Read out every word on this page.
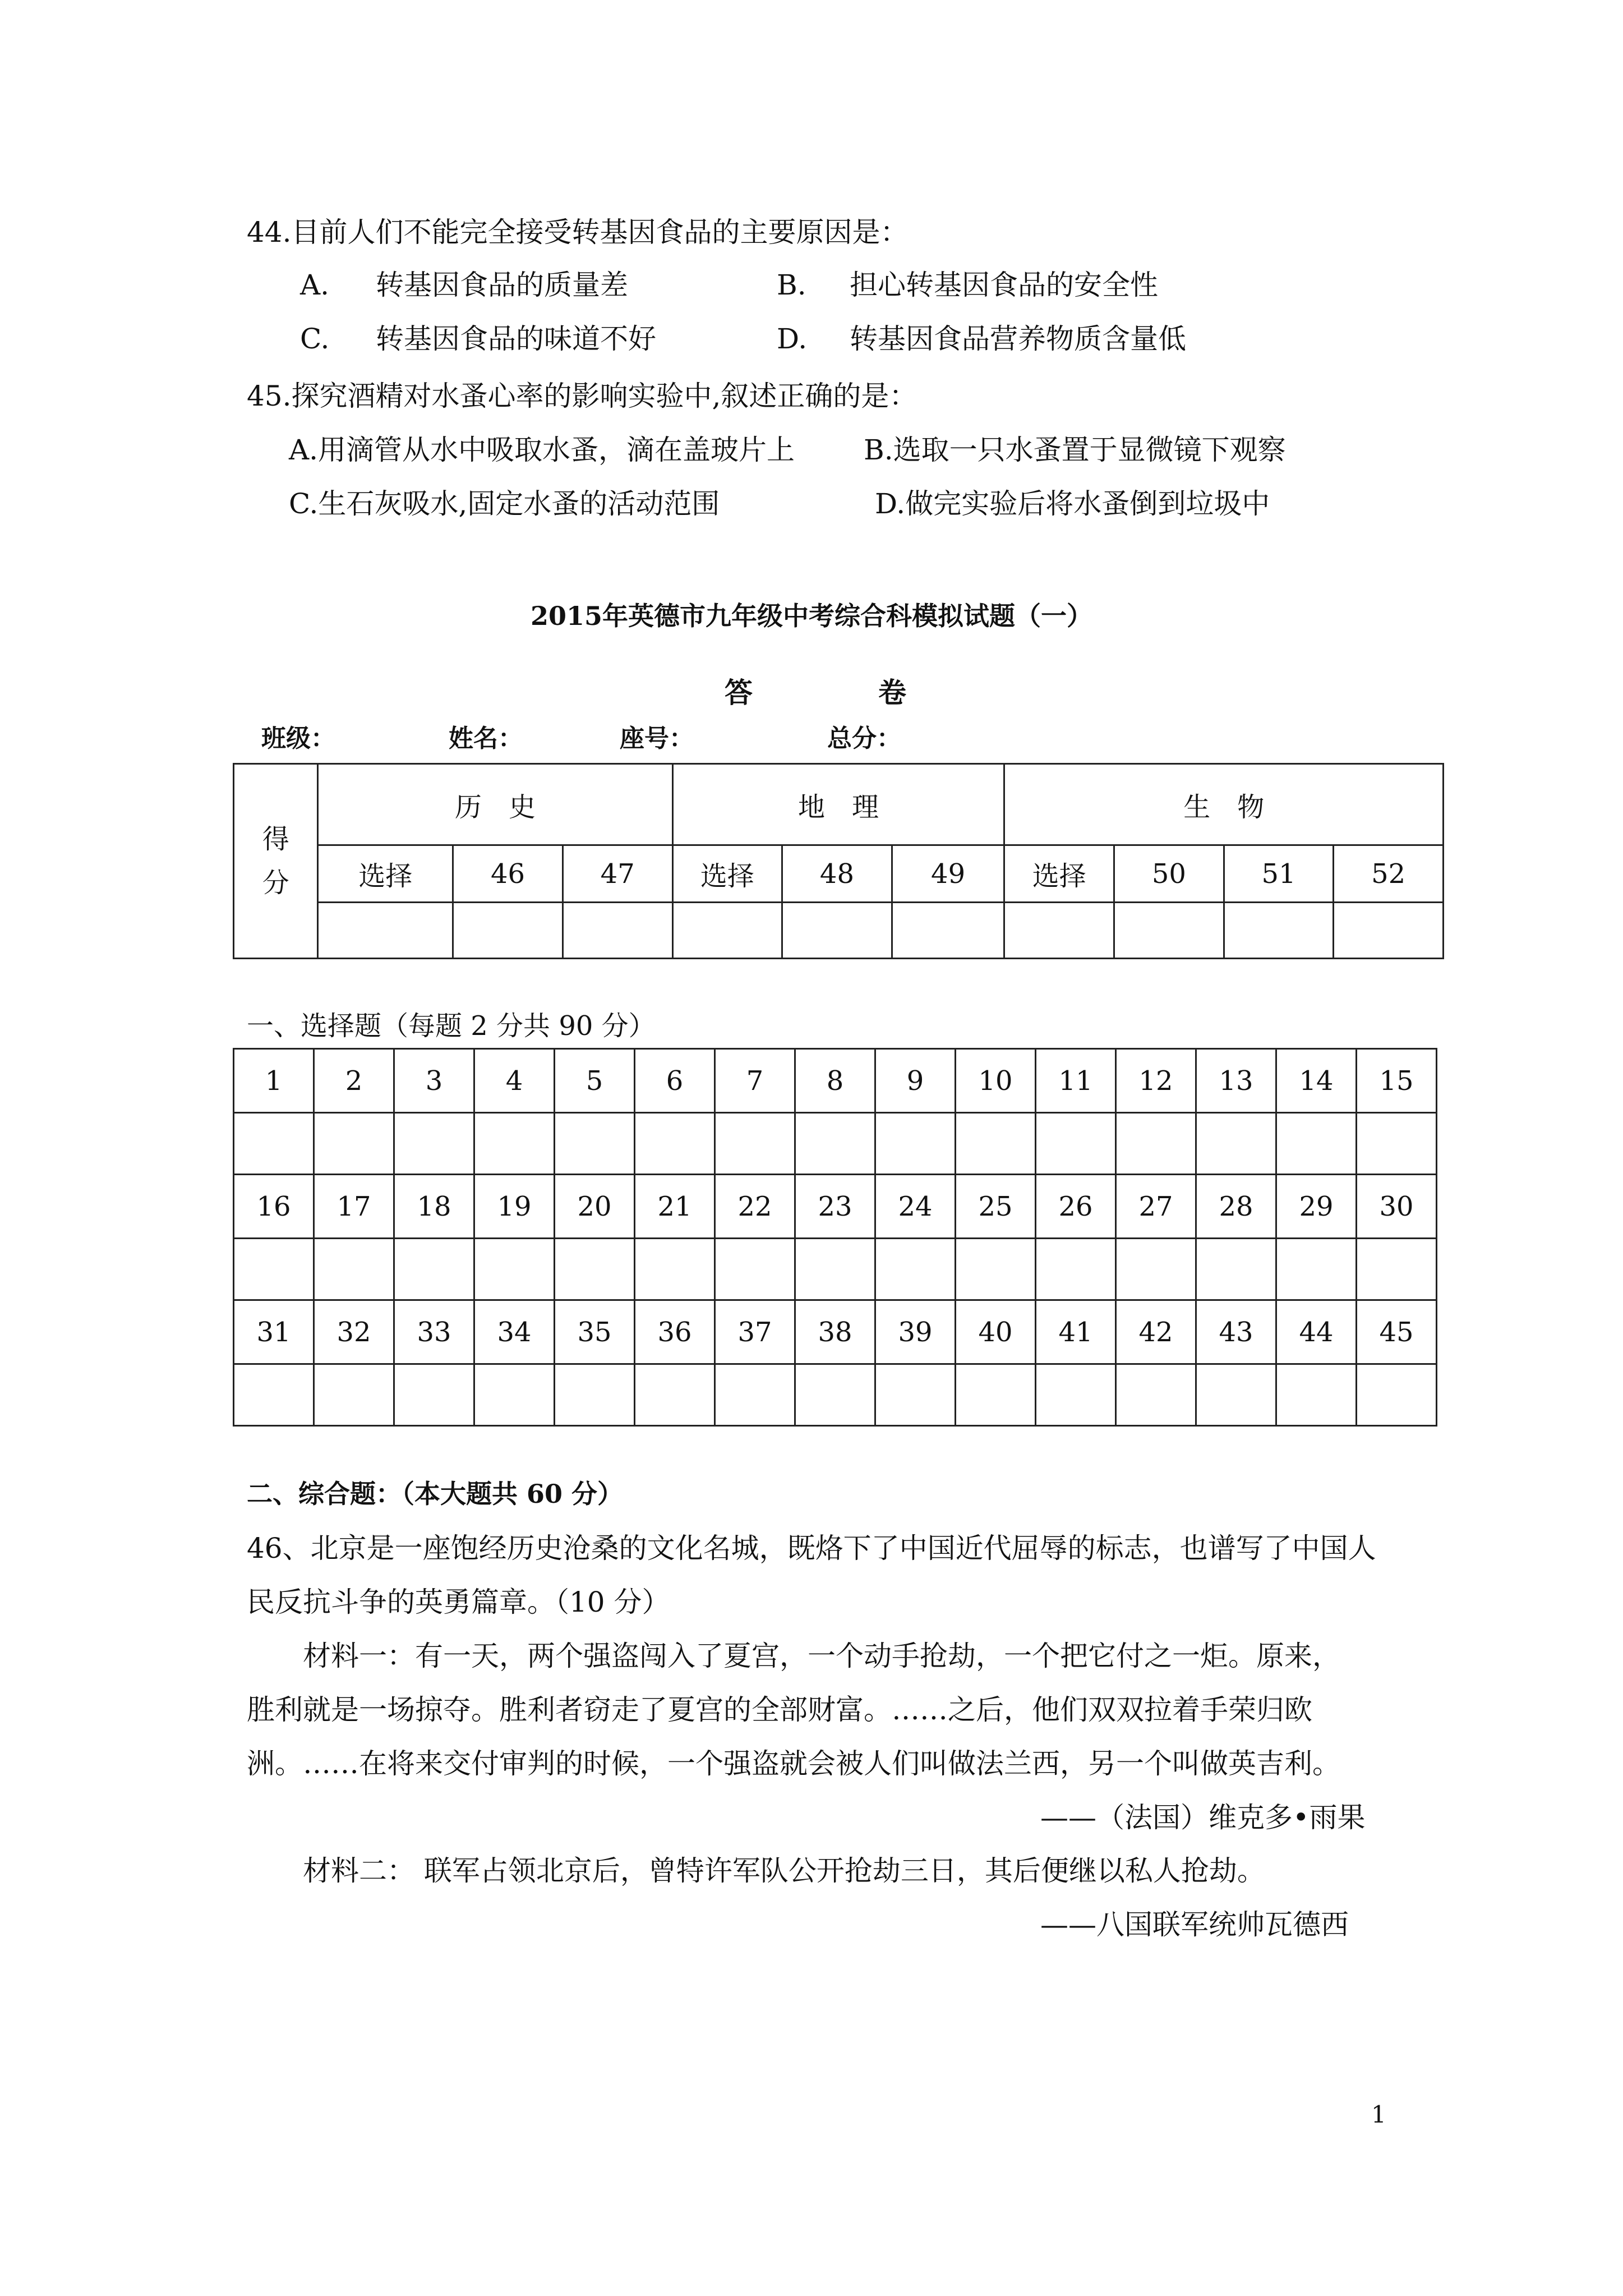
44.目前人们不能完全接受转基因食品的主要原因是：
A. 转基因食品的质量差	B. 担心转基因食品的安全性
C. 转基因食品的味道不好	D. 转基因食品营养物质含量低
45.探究酒精对水蚤心率的影响实验中,叙述正确的是：
A.用滴管从水中吸取水蚤，滴在盖玻片上 B.选取一只水蚤置于显微镜下观察
C.生石灰吸水,固定水蚤的活动范围	D.做完实验后将水蚤倒到垃圾中
2015年英德市九年级中考综合科模拟试题（一）
答	卷
班级：	姓名：	座号：	总分：
得
分	历　史			地　理			生　物			
	选择	46	47	选择	48	49	选择	50	51	52

一、选择题（每题 2 分共 90 分）
1	2	3	4	5	6	7	8	9	10	11	12	13	14	15

16	17	18	19	20	21	22	23	24	25	26	27	28	29	30

31	32	33	34	35	36	37	38	39	40	41	42	43	44	45

二、综合题：（本大题共 60 分）
46、北京是一座饱经历史沧桑的文化名城，既烙下了中国近代屈辱的标志，也谱写了中国人
民反抗斗争的英勇篇章。（10 分）
材料一：有一天，两个强盗闯入了夏宫，一个动手抢劫，一个把它付之一炬。原来，
胜利就是一场掠夺。胜利者窃走了夏宫的全部财富。……之后，他们双双拉着手荣归欧
洲。……在将来交付审判的时候，一个强盗就会被人们叫做法兰西，另一个叫做英吉利。
——（法国）维克多•雨果
材料二： 联军占领北京后，曾特许军队公开抢劫三日，其后便继以私人抢劫。
——八国联军统帅瓦德西
1
